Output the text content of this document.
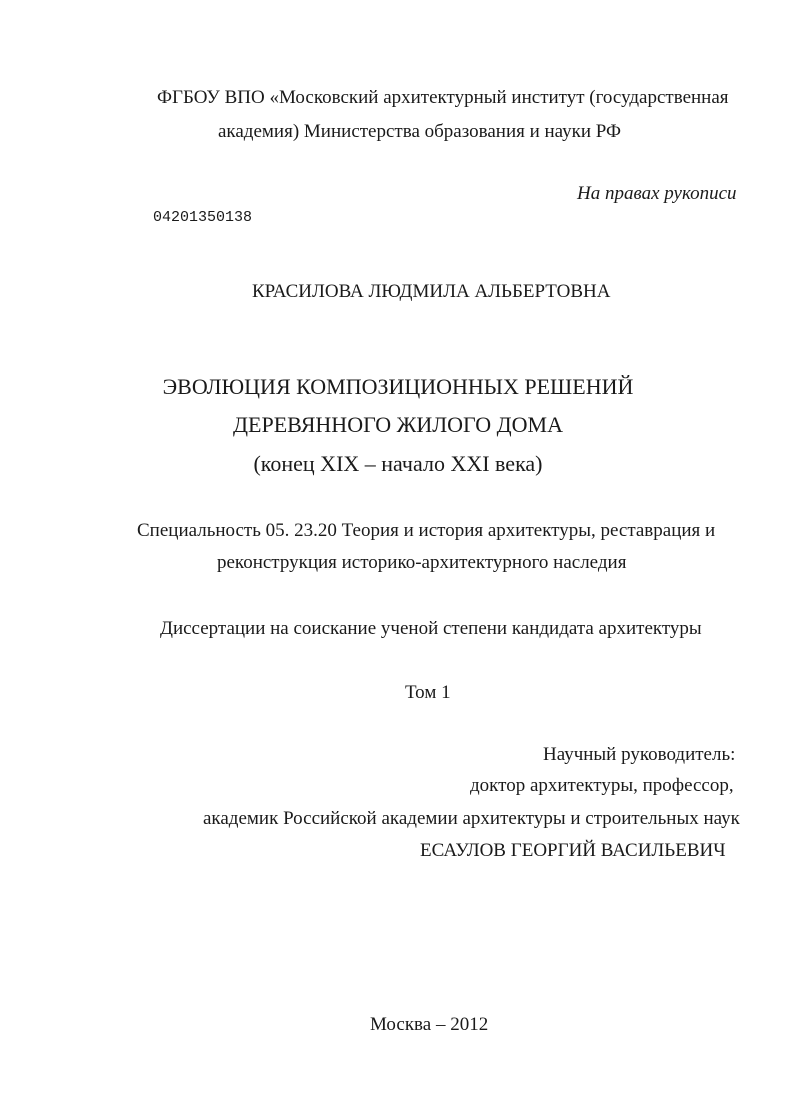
ФГБОУ ВПО «Московский архитектурный институт (государственная
академия) Министерства образования и науки РФ
На правах рукописи
04201350138
КРАСИЛОВА ЛЮДМИЛА АЛЬБЕРТОВНА
ЭВОЛЮЦИЯ КОМПОЗИЦИОННЫХ РЕШЕНИЙ
ДЕРЕВЯННОГО ЖИЛОГО ДОМА
(конец XIX – начало XXI века)
Специальность 05. 23.20 Теория и история архитектуры, реставрация и
реконструкция историко-архитектурного наследия
Диссертации на соискание ученой степени кандидата архитектуры
Том 1
Научный руководитель:
доктор архитектуры, профессор,
академик Российской академии архитектуры и строительных наук
ЕСАУЛОВ ГЕОРГИЙ ВАСИЛЬЕВИЧ
Москва – 2012
